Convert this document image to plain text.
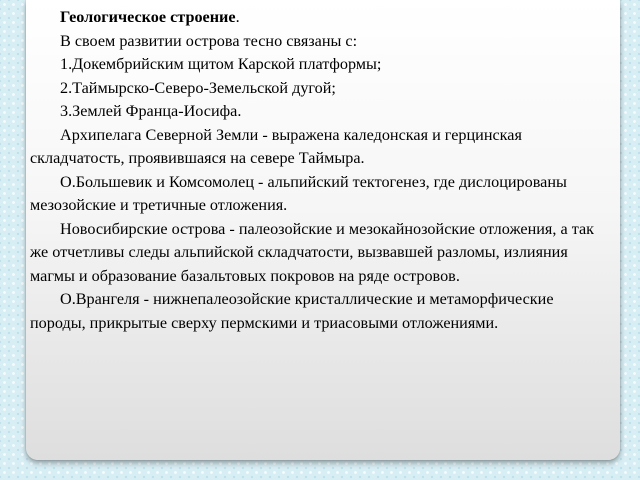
Геологическое строение.

В своем развитии острова тесно связаны с:

1.Докембрийским щитом Карской платформы;

2.Таймырско-Северо-Земельской дугой;

3.Землей Франца-Иосифа.

Архипелага Северной Земли - выражена каледонская и герцинская складчатость, проявившаяся на севере Таймыра.

О.Большевик и Комсомолец - альпийский тектогенез, где дислоцированы мезозойские и третичные отложения.

Новосибирские острова - палеозойские и мезокайнозойские отложения, а так же отчетливы следы альпийской складчатости, вызвавшей разломы, излияния магмы и образование базальтовых покровов на ряде островов.

О.Врангеля - нижнепалеозойские кристаллические и метаморфические породы, прикрытые сверху пермскими и триасовыми отложениями.
